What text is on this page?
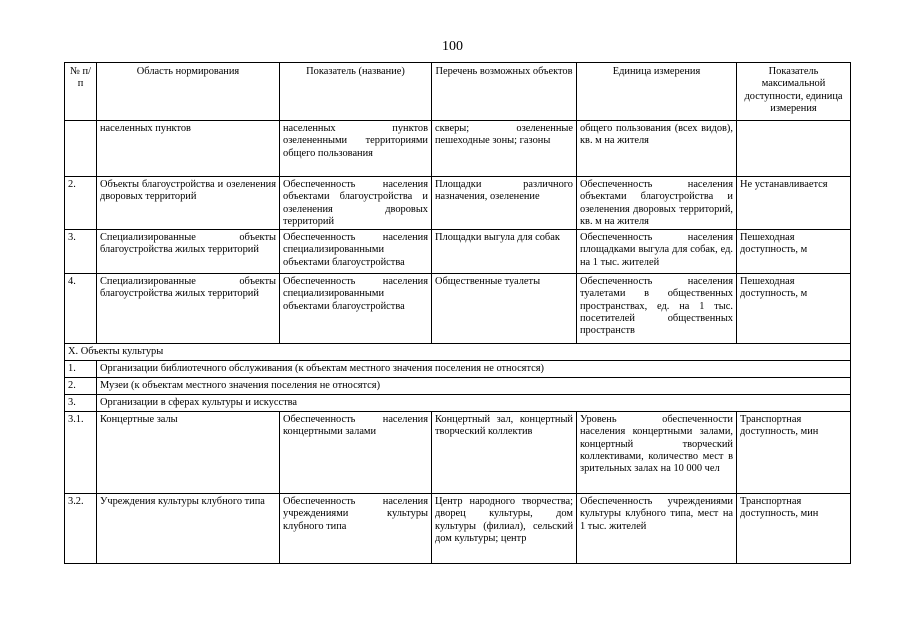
100
№ п/п	Область нормирования	Показатель (название)	Перечень возможных объектов	Единица измерения	Показатель максимальной доступности, единица измерения
	населенных пунктов	населенных пунктов озелененными территориями общего пользования	скверы; озелененные пешеходные зоны; газоны	общего пользования (всех видов), кв. м на жителя	
2.	Объекты благоустройства и озеленения дворовых территорий	Обеспеченность населения объектами благоустройства и озеленения дворовых территорий	Площадки различного назначения, озеленение	Обеспеченность населения объектами благоустройства и озеленения дворовых территорий, кв. м на жителя	Не устанавливается
3.	Специализированные объекты благоустройства жилых территорий	Обеспеченность населения специализированными объектами благоустройства	Площадки выгула для собак	Обеспеченность населения площадками выгула для собак, ед. на 1 тыс. жителей	Пешеходная доступность, м
4.	Специализированные объекты благоустройства жилых территорий	Обеспеченность населения специализированными объектами благоустройства	Общественные туалеты	Обеспеченность населения туалетами в общественных пространствах, ед. на 1 тыс. посетителей общественных пространств	Пешеходная доступность, м
X. Объекты культуры					
1.	Организации библиотечного обслуживания (к объектам местного значения поселения не относятся)				
2.	Музеи (к объектам местного значения поселения не относятся)				
3.	Организации в сферах культуры и искусства				
3.1.	Концертные залы	Обеспеченность населения концертными залами	Концертный зал, концертный творческий коллектив	Уровень обеспеченности населения концертными залами, концертный творческий коллективами, количество мест в зрительных залах на 10 000 чел	Транспортная доступность, мин
3.2.	Учреждения культуры клубного типа	Обеспеченность населения учреждениями культуры клубного типа	Центр народного творчества; дворец культуры, дом культуры (филиал), сельский дом культуры; центр	Обеспеченность учреждениями культуры клубного типа, мест на 1 тыс. жителей	Транспортная доступность, мин
